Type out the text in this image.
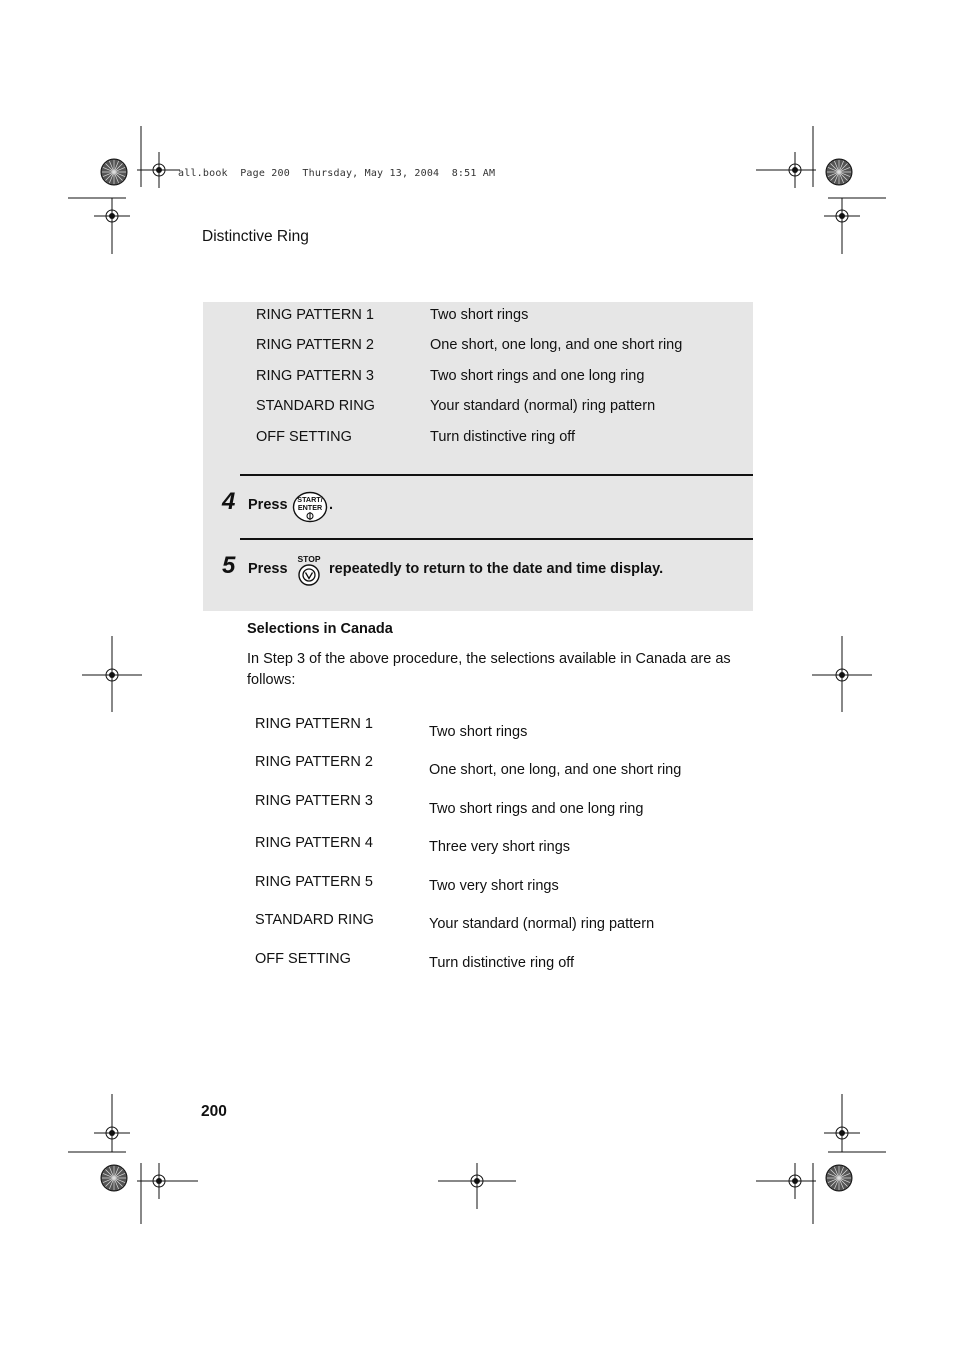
all.book  Page 200  Thursday, May 13, 2004  8:51 AM
Distinctive Ring
RING PATTERN 1	Two short rings
RING PATTERN 2	One short, one long, and one short ring
RING PATTERN 3	Two short rings and one long ring
STANDARD RING	Your standard (normal) ring pattern
OFF SETTING	Turn distinctive ring off
4 Press START/
ENTER .
5 Press
STOP
repeatedly to return to the date and time display.
Selections in Canada
In Step 3 of the above procedure, the selections available in Canada are as follows:
RING PATTERN 1	Two short rings
RING PATTERN 2	One short, one long, and one short ring
RING PATTERN 3	Two short rings and one long ring
RING PATTERN 4	Three very short rings
RING PATTERN 5	Two very short rings
STANDARD RING	Your standard (normal) ring pattern
OFF SETTING	Turn distinctive ring off
200
